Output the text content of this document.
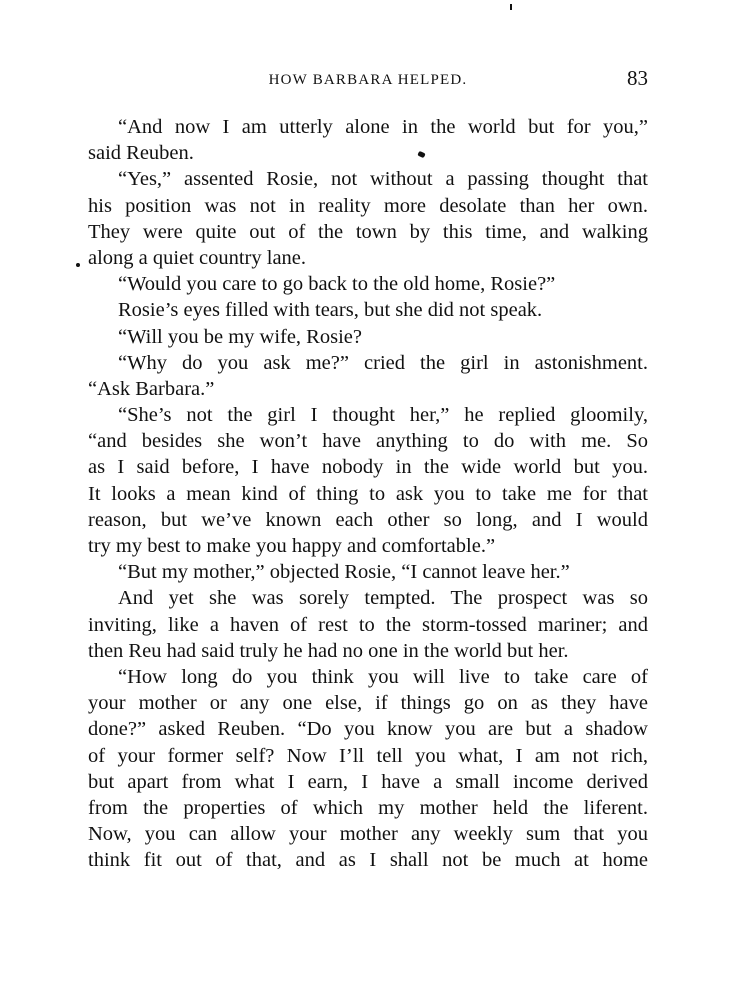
HOW BARBARA HELPED.	83
“And now I am utterly alone in the world but for you,”
said Reuben.
“Yes,” assented Rosie, not without a passing thought that
his position was not in reality more desolate than her own.
They were quite out of the town by this time, and walking
along a quiet country lane.
“Would you care to go back to the old home, Rosie?”
Rosie’s eyes filled with tears, but she did not speak.
“Will you be my wife, Rosie?
“Why do you ask me?” cried the girl in astonishment.
“Ask Barbara.”
“She’s not the girl I thought her,” he replied gloomily,
“and besides she won’t have anything to do with me. So
as I said before, I have nobody in the wide world but you.
It looks a mean kind of thing to ask you to take me for that
reason, but we’ve known each other so long, and I would
try my best to make you happy and comfortable.”
“But my mother,” objected Rosie, “I cannot leave her.”
And yet she was sorely tempted. The prospect was so
inviting, like a haven of rest to the storm-tossed mariner; and
then Reu had said truly he had no one in the world but her.
“How long do you think you will live to take care of
your mother or any one else, if things go on as they have
done?” asked Reuben. “Do you know you are but a shadow
of your former self? Now I’ll tell you what, I am not rich,
but apart from what I earn, I have a small income derived
from the properties of which my mother held the liferent.
Now, you can allow your mother any weekly sum that you
think fit out of that, and as I shall not be much at home
